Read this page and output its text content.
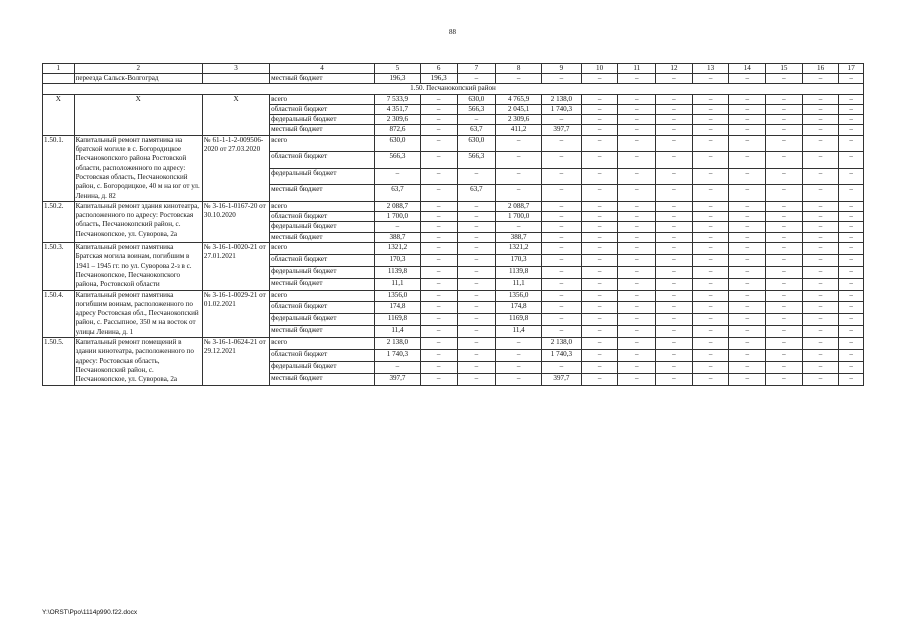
88
1	2	3	4	5	6	7	8	9	10	11	12	13	14	15	16	17
	переезда Сальск-Волгоград		местный бюджет	196,3	196,3	–	–	–	–	–	–	–	–	–	–	–
1.50. Песчанокопский район																
X	X	X	всего	7 533,9	–	630,0	4 765,9	2 138,0	–	–	–	–	–	–	–	–
			областной бюджет	4 351,7	–	566,3	2 045,1	1 740,3	–	–	–	–	–	–	–	–
			федеральный бюджет	2 309,6	–	–	2 309,6	–	–	–	–	–	–	–	–	–
			местный бюджет	872,6	–	63,7	411,2	397,7	–	–	–	–	–	–	–	–
1.50.1.	Капитальный ремонт памятника на братской могиле в с. Богородицкое Песчанокопского района Ростовской области, расположенного по адресу: Ростовская область, Песчанокопский район, с. Богородицкое, 40 м на юг от ул. Ленина, д. 82	№ 61-1-1-2-009506-2020 от 27.03.2020	всего	630,0	–	630,0	–	–	–	–	–	–	–	–	–	–
			областной бюджет	566,3	–	566,3	–	–	–	–	–	–	–	–	–	–
			федеральный бюджет	–	–	–	–	–	–	–	–	–	–	–	–	–
			местный бюджет	63,7	–	63,7	–	–	–	–	–	–	–	–	–	–
1.50.2.	Капитальный ремонт здания кинотеатра, расположенного по адресу: Ростовская область, Песчанокопский район, с. Песчанокопское, ул. Суворова, 2а	№ 3-16-1-0167-20 от 30.10.2020	всего	2 088,7	–	–	2 088,7	–	–	–	–	–	–	–	–	–
			областной бюджет	1 700,0	–	–	1 700,0	–	–	–	–	–	–	–	–	–
			федеральный бюджет	–	–	–	–	–	–	–	–	–	–	–	–	–
			местный бюджет	388,7	–	–	388,7	–	–	–	–	–	–	–	–	–
1.50.3.	Капитальный ремонт памятника Братская могила воинам, погибшим в 1941 – 1945 гг. по ул. Суворова 2-з в с. Песчанокопское, Песчанокопского района, Ростовской области	№ 3-16-1-0020-21 от 27.01.2021	всего	1321,2	–	–	1321,2	–	–	–	–	–	–	–	–	–
			областной бюджет	170,3	–	–	170,3	–	–	–	–	–	–	–	–	–
			федеральный бюджет	1139,8	–	–	1139,8	–	–	–	–	–	–	–	–	–
			местный бюджет	11,1	–	–	11,1	–	–	–	–	–	–	–	–	–
1.50.4.	Капитальный ремонт памятника погибшим воинам, расположенного по адресу Ростовская обл., Песчанокопский район, с. Рассыпное, 350 м на восток от улицы Ленина, д. 1	№ 3-16-1-0029-21 от 01.02.2021	всего	1356,0	–	–	1356,0	–	–	–	–	–	–	–	–	–
			областной бюджет	174,8	–	–	174,8	–	–	–	–	–	–	–	–	–
			федеральный бюджет	1169,8	–	–	1169,8	–	–	–	–	–	–	–	–	–
			местный бюджет	11,4	–	–	11,4	–	–	–	–	–	–	–	–	–
1.50.5.	Капитальный ремонт помещений в здании кинотеатра, расположенного по адресу: Ростовская область, Песчанокопский район, с. Песчанокопское, ул. Суворова, 2а	№ 3-16-1-0624-21 от 29.12.2021	всего	2 138,0	–	–	–	2 138,0	–	–	–	–	–	–	–	–
			областной бюджет	1 740,3	–	–	–	1 740,3	–	–	–	–	–	–	–	–
			федеральный бюджет	–	–	–	–	–	–	–	–	–	–	–	–	–
			местный бюджет	397,7	–	–	–	397,7	–	–	–	–	–	–	–	–
Y:\ORST\Ppo\1114p990.f22.docx
